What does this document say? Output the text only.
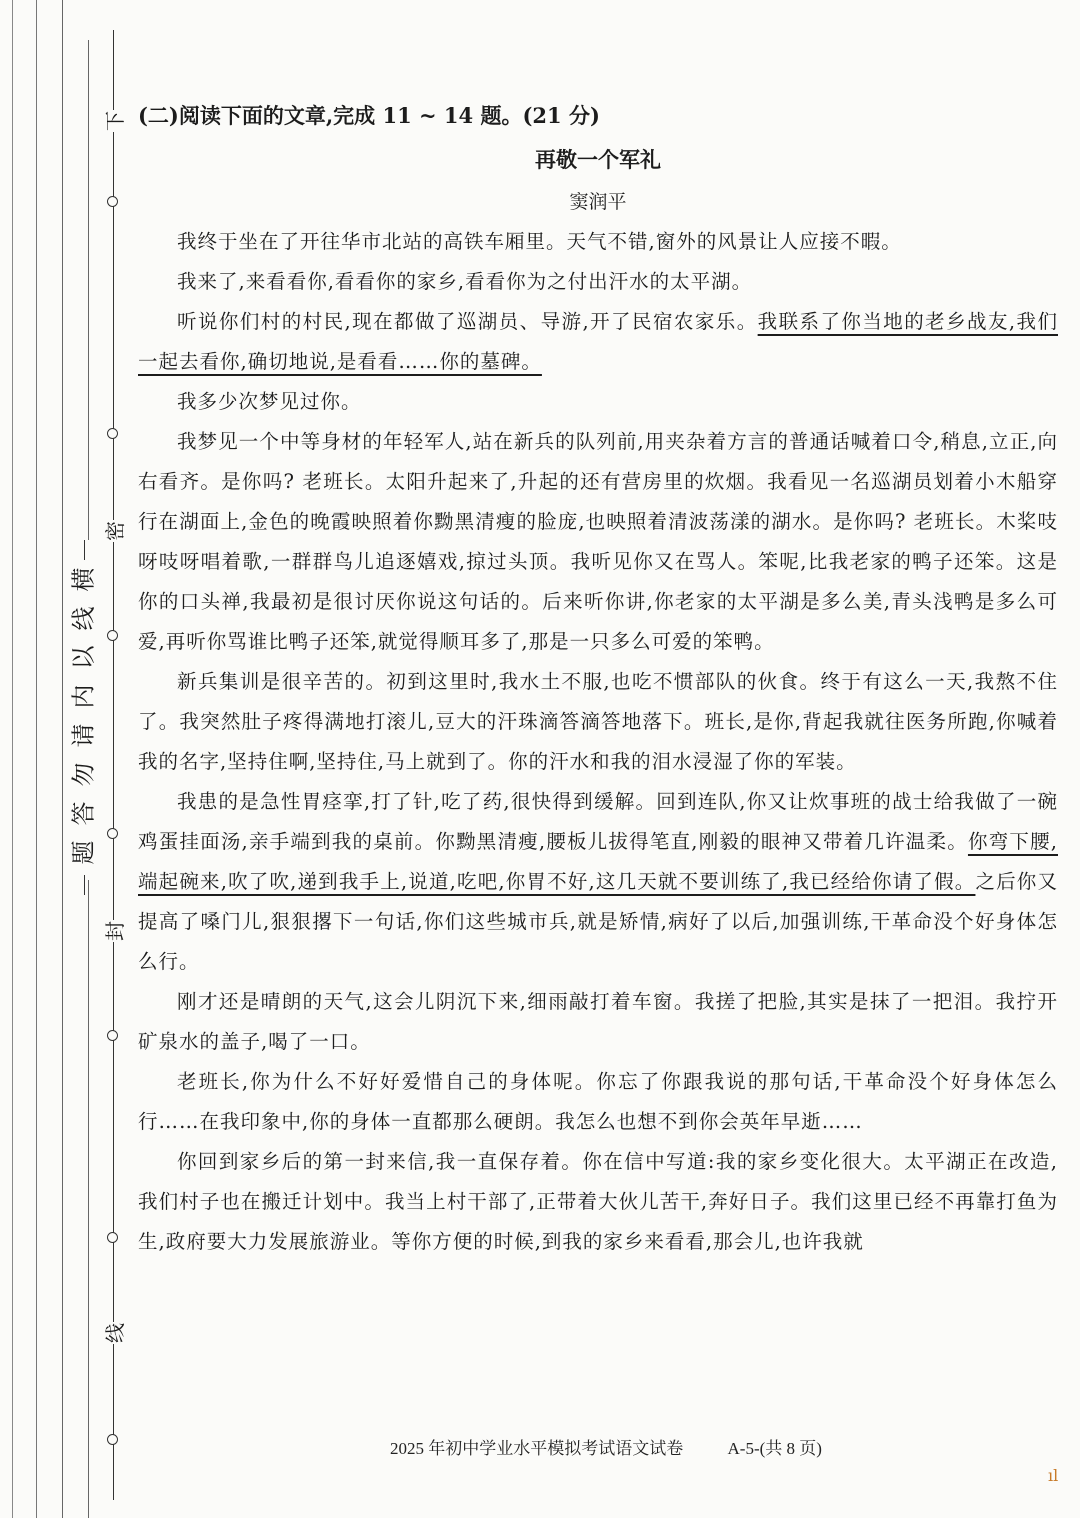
下
密
封
线
横
线
以
内
请
勿
答
题
(二)阅读下面的文章,完成 11 ~ 14 题。(21 分)
再敬一个军礼
窦润平

我终于坐在了开往华市北站的高铁车厢里。天气不错,窗外的风景让人应接不暇。

我来了,来看看你,看看你的家乡,看看你为之付出汗水的太平湖。

听说你们村的村民,现在都做了巡湖员、导游,开了民宿农家乐。我联系了你当地的老乡战友,我们一起去看你,确切地说,是看看……你的墓碑。

我多少次梦见过你。

我梦见一个中等身材的年轻军人,站在新兵的队列前,用夹杂着方言的普通话喊着口令,稍息,立正,向右看齐。是你吗? 老班长。太阳升起来了,升起的还有营房里的炊烟。我看见一名巡湖员划着小木船穿行在湖面上,金色的晚霞映照着你黝黑清瘦的脸庞,也映照着清波荡漾的湖水。是你吗? 老班长。木桨吱呀吱呀唱着歌,一群群鸟儿追逐嬉戏,掠过头顶。我听见你又在骂人。笨呢,比我老家的鸭子还笨。这是你的口头禅,我最初是很讨厌你说这句话的。后来听你讲,你老家的太平湖是多么美,青头浅鸭是多么可爱,再听你骂谁比鸭子还笨,就觉得顺耳多了,那是一只多么可爱的笨鸭。

新兵集训是很辛苦的。初到这里时,我水土不服,也吃不惯部队的伙食。终于有这么一天,我熬不住了。我突然肚子疼得满地打滚儿,豆大的汗珠滴答滴答地落下。班长,是你,背起我就往医务所跑,你喊着我的名字,坚持住啊,坚持住,马上就到了。你的汗水和我的泪水浸湿了你的军装。

我患的是急性胃痉挛,打了针,吃了药,很快得到缓解。回到连队,你又让炊事班的战士给我做了一碗鸡蛋挂面汤,亲手端到我的桌前。你黝黑清瘦,腰板儿拔得笔直,刚毅的眼神又带着几许温柔。你弯下腰,端起碗来,吹了吹,递到我手上,说道,吃吧,你胃不好,这几天就不要训练了,我已经给你请了假。之后你又提高了嗓门儿,狠狠撂下一句话,你们这些城市兵,就是矫情,病好了以后,加强训练,干革命没个好身体怎么行。

刚才还是晴朗的天气,这会儿阴沉下来,细雨敲打着车窗。我搓了把脸,其实是抹了一把泪。我拧开矿泉水的盖子,喝了一口。

老班长,你为什么不好好爱惜自己的身体呢。你忘了你跟我说的那句话,干革命没个好身体怎么行……在我印象中,你的身体一直都那么硬朗。我怎么也想不到你会英年早逝……

你回到家乡后的第一封来信,我一直保存着。你在信中写道:我的家乡变化很大。太平湖正在改造,我们村子也在搬迁计划中。我当上村干部了,正带着大伙儿苦干,奔好日子。我们这里已经不再靠打鱼为生,政府要大力发展旅游业。等你方便的时候,到我的家乡来看看,那会儿,也许我就

2025 年初中学业水平模拟考试语文试卷	A-5-(共 8 页)
ıl
